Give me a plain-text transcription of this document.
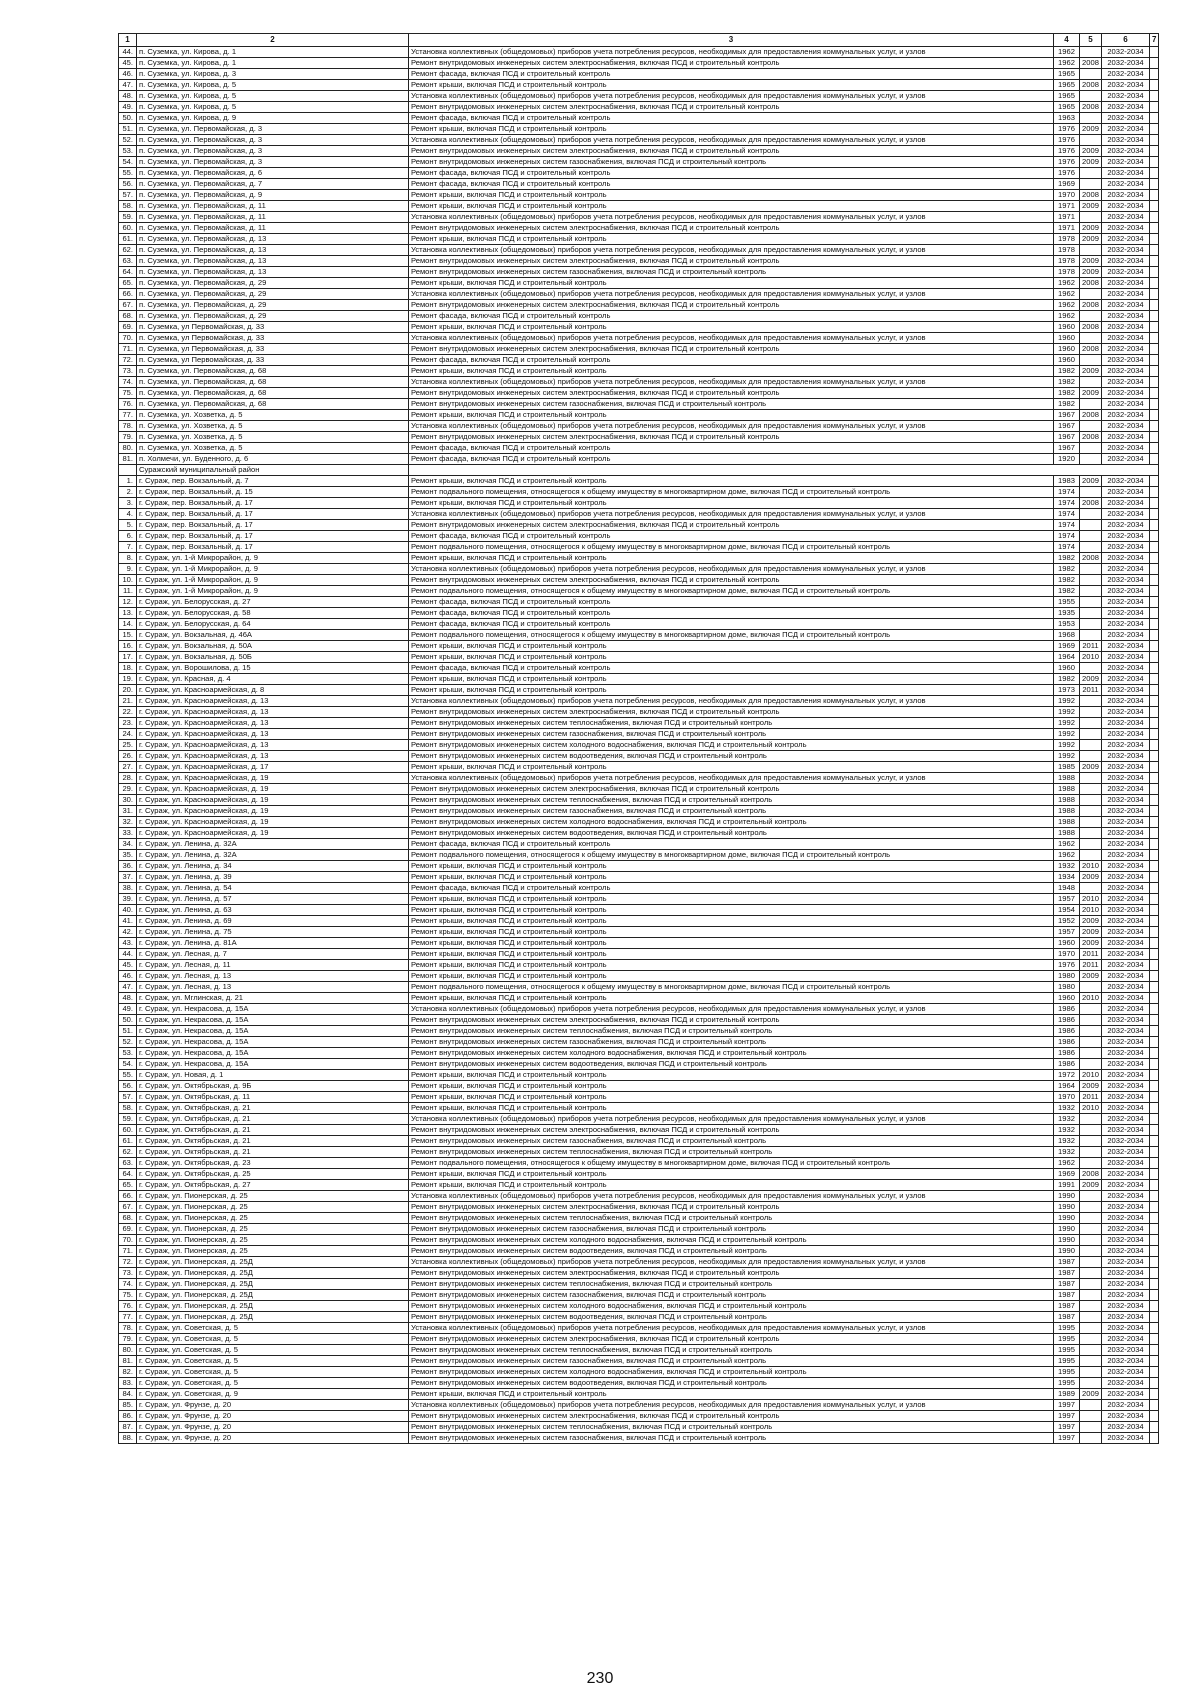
1	2	3	4	5	6	7
44.	п. Суземка, ул. Кирова, д. 1	Установка коллективных (общедомовых) приборов учета потребления ресурсов, необходимых для предоставления коммунальных услуг, и узлов	1962		2032-2034	
45.	п. Суземка, ул. Кирова, д. 1	Ремонт внутридомовых инженерных систем электроснабжения, включая ПСД и строительный контроль	1962	2008	2032-2034	
46.	п. Суземка, ул. Кирова, д. 3	Ремонт фасада, включая ПСД и строительный контроль	1965		2032-2034	
47.	п. Суземка, ул. Кирова, д. 5	Ремонт крыши, включая ПСД и строительный контроль	1965	2008	2032-2034	
48.	п. Суземка, ул. Кирова, д. 5	Установка коллективных (общедомовых) приборов учета потребления ресурсов, необходимых для предоставления коммунальных услуг, и узлов	1965		2032-2034	
49.	п. Суземка, ул. Кирова, д. 5	Ремонт внутридомовых инженерных систем электроснабжения, включая ПСД и строительный контроль	1965	2008	2032-2034	
50.	п. Суземка, ул. Кирова, д. 9	Ремонт фасада, включая ПСД и строительный контроль	1963		2032-2034	
51.	п. Суземка, ул. Первомайская, д. 3	Ремонт крыши, включая ПСД и строительный контроль	1976	2009	2032-2034	
52.	п. Суземка, ул. Первомайская, д. 3	Установка коллективных (общедомовых) приборов учета потребления ресурсов, необходимых для предоставления коммунальных услуг, и узлов	1976		2032-2034	
53.	п. Суземка, ул. Первомайская, д. 3	Ремонт внутридомовых инженерных систем электроснабжения, включая ПСД и строительный контроль	1976	2009	2032-2034	
54.	п. Суземка, ул. Первомайская, д. 3	Ремонт внутридомовых инженерных систем газоснабжения, включая ПСД и строительный контроль	1976	2009	2032-2034	
55.	п. Суземка, ул. Первомайская, д. 6	Ремонт фасада, включая ПСД и строительный контроль	1976		2032-2034	
56.	п. Суземка, ул. Первомайская, д. 7	Ремонт фасада, включая ПСД и строительный контроль	1969		2032-2034	
57.	п. Суземка, ул. Первомайская, д. 9	Ремонт крыши, включая ПСД и строительный контроль	1970	2008	2032-2034	
58.	п. Суземка, ул. Первомайская, д. 11	Ремонт крыши, включая ПСД и строительный контроль	1971	2009	2032-2034	
59.	п. Суземка, ул. Первомайская, д. 11	Установка коллективных (общедомовых) приборов учета потребления ресурсов, необходимых для предоставления коммунальных услуг, и узлов	1971		2032-2034	
60.	п. Суземка, ул. Первомайская, д. 11	Ремонт внутридомовых инженерных систем электроснабжения, включая ПСД и строительный контроль	1971	2009	2032-2034	
61.	п. Суземка, ул. Первомайская, д. 13	Ремонт крыши, включая ПСД и строительный контроль	1978	2009	2032-2034	
62.	п. Суземка, ул. Первомайская, д. 13	Установка коллективных (общедомовых) приборов учета потребления ресурсов, необходимых для предоставления коммунальных услуг, и узлов	1978		2032-2034	
63.	п. Суземка, ул. Первомайская, д. 13	Ремонт внутридомовых инженерных систем электроснабжения, включая ПСД и строительный контроль	1978	2009	2032-2034	
64.	п. Суземка, ул. Первомайская, д. 13	Ремонт внутридомовых инженерных систем газоснабжения, включая ПСД и строительный контроль	1978	2009	2032-2034	
65.	п. Суземка, ул. Первомайская, д. 29	Ремонт крыши, включая ПСД и строительный контроль	1962	2008	2032-2034	
66.	п. Суземка, ул. Первомайская, д. 29	Установка коллективных (общедомовых) приборов учета потребления ресурсов, необходимых для предоставления коммунальных услуг, и узлов	1962		2032-2034	
67.	п. Суземка, ул. Первомайская, д. 29	Ремонт внутридомовых инженерных систем электроснабжения, включая ПСД и строительный контроль	1962	2008	2032-2034	
68.	п. Суземка, ул. Первомайская, д. 29	Ремонт фасада, включая ПСД и строительный контроль	1962		2032-2034	
69.	п. Суземка, ул Первомайская, д. 33	Ремонт крыши, включая ПСД и строительный контроль	1960	2008	2032-2034	
70.	п. Суземка, ул Первомайская, д. 33	Установка коллективных (общедомовых) приборов учета потребления ресурсов, необходимых для предоставления коммунальных услуг, и узлов	1960		2032-2034	
71.	п. Суземка, ул Первомайская, д. 33	Ремонт внутридомовых инженерных систем электроснабжения, включая ПСД и строительный контроль	1960	2008	2032-2034	
72.	п. Суземка, ул Первомайская, д. 33	Ремонт фасада, включая ПСД и строительный контроль	1960		2032-2034	
73.	п. Суземка, ул. Первомайская, д. 68	Ремонт крыши, включая ПСД и строительный контроль	1982	2009	2032-2034	
74.	п. Суземка, ул. Первомайская, д. 68	Установка коллективных (общедомовых) приборов учета потребления ресурсов, необходимых для предоставления коммунальных услуг, и узлов	1982		2032-2034	
75.	п. Суземка, ул. Первомайская, д. 68	Ремонт внутридомовых инженерных систем электроснабжения, включая ПСД и строительный контроль	1982	2009	2032-2034	
76.	п. Суземка, ул. Первомайская, д. 68	Ремонт внутридомовых инженерных систем газоснабжения, включая ПСД и строительный контроль	1982		2032-2034	
77.	п. Суземка, ул. Хозветка, д. 5	Ремонт крыши, включая ПСД и строительный контроль	1967	2008	2032-2034	
78.	п. Суземка, ул. Хозветка, д. 5	Установка коллективных (общедомовых) приборов учета потребления ресурсов, необходимых для предоставления коммунальных услуг, и узлов	1967		2032-2034	
79.	п. Суземка, ул. Хозветка, д. 5	Ремонт внутридомовых инженерных систем электроснабжения, включая ПСД и строительный контроль	1967	2008	2032-2034	
80.	п. Суземка, ул. Хозветка, д. 5	Ремонт фасада, включая ПСД и строительный контроль	1967		2032-2034	
81.	п. Холмечи, ул. Буденного, д. 6	Ремонт фасада, включая ПСД и строительный контроль	1920		2032-2034	
	Суражский муниципальный район					
1.	г. Сураж, пер. Вокзальный, д. 7	Ремонт крыши, включая ПСД и строительный контроль	1983	2009	2032-2034	
2.	г. Сураж, пер. Вокзальный, д. 15	Ремонт подвального помещения, относящегося к общему имуществу в многоквартирном доме, включая ПСД и строительный контроль	1974		2032-2034	
3.	г. Сураж, пер. Вокзальный, д. 17	Ремонт крыши, включая ПСД и строительный контроль	1974	2008	2032-2034	
4.	г. Сураж, пер. Вокзальный, д. 17	Установка коллективных (общедомовых) приборов учета потребления ресурсов, необходимых для предоставления коммунальных услуг, и узлов	1974		2032-2034	
5.	г. Сураж, пер. Вокзальный, д. 17	Ремонт внутридомовых инженерных систем электроснабжения, включая ПСД и строительный контроль	1974		2032-2034	
6.	г. Сураж, пер. Вокзальный, д. 17	Ремонт фасада, включая ПСД и строительный контроль	1974		2032-2034	
7.	г. Сураж, пер. Вокзальный, д. 17	Ремонт подвального помещения, относящегося к общему имуществу в многоквартирном доме, включая ПСД и строительный контроль	1974		2032-2034	
8.	г. Сураж, ул. 1-й Микрорайон, д. 9	Ремонт крыши, включая ПСД и строительный контроль	1982	2008	2032-2034	
9.	г. Сураж, ул. 1-й Микрорайон, д. 9	Установка коллективных (общедомовых) приборов учета потребления ресурсов, необходимых для предоставления коммунальных услуг, и узлов	1982		2032-2034	
10.	г. Сураж, ул. 1-й Микрорайон, д. 9	Ремонт внутридомовых инженерных систем электроснабжения, включая ПСД и строительный контроль	1982		2032-2034	
11.	г. Сураж, ул. 1-й Микрорайон, д. 9	Ремонт подвального помещения, относящегося к общему имуществу в многоквартирном доме, включая ПСД и строительный контроль	1982		2032-2034	
12.	г. Сураж, ул. Белорусская, д. 27	Ремонт фасада, включая ПСД и строительный контроль	1955		2032-2034	
13.	г. Сураж, ул. Белорусская, д. 58	Ремонт фасада, включая ПСД и строительный контроль	1935		2032-2034	
14.	г. Сураж, ул. Белорусская, д. 64	Ремонт фасада, включая ПСД и строительный контроль	1953		2032-2034	
15.	г. Сураж, ул. Вокзальная, д. 46А	Ремонт подвального помещения, относящегося к общему имуществу в многоквартирном доме, включая ПСД и строительный контроль	1968		2032-2034	
16.	г. Сураж, ул. Вокзальная, д. 50А	Ремонт крыши, включая ПСД и строительный контроль	1969	2011	2032-2034	
17.	г. Сураж, ул. Вокзальная, д. 50Б	Ремонт крыши, включая ПСД и строительный контроль	1964	2010	2032-2034	
18.	г. Сураж, ул. Ворошилова, д. 15	Ремонт фасада, включая ПСД и строительный контроль	1960		2032-2034	
19.	г. Сураж, ул. Красная, д. 4	Ремонт крыши, включая ПСД и строительный контроль	1982	2009	2032-2034	
20.	г. Сураж, ул. Красноармейская, д. 8	Ремонт крыши, включая ПСД и строительный контроль	1973	2011	2032-2034	
21.	г. Сураж, ул. Красноармейская, д. 13	Установка коллективных (общедомовых) приборов учета потребления ресурсов, необходимых для предоставления коммунальных услуг, и узлов	1992		2032-2034	
22.	г. Сураж, ул. Красноармейская, д. 13	Ремонт внутридомовых инженерных систем электроснабжения, включая ПСД и строительный контроль	1992		2032-2034	
23.	г. Сураж, ул. Красноармейская, д. 13	Ремонт внутридомовых инженерных систем теплоснабжения, включая ПСД и строительный контроль	1992		2032-2034	
24.	г. Сураж, ул. Красноармейская, д. 13	Ремонт внутридомовых инженерных систем газоснабжения, включая ПСД и строительный контроль	1992		2032-2034	
25.	г. Сураж, ул. Красноармейская, д. 13	Ремонт внутридомовых инженерных систем холодного водоснабжения, включая ПСД и строительный контроль	1992		2032-2034	
26.	г. Сураж, ул. Красноармейская, д. 13	Ремонт внутридомовых инженерных систем водоотведения, включая ПСД и строительный контроль	1992		2032-2034	
27.	г. Сураж, ул. Красноармейская, д. 17	Ремонт крыши, включая ПСД и строительный контроль	1985	2009	2032-2034	
28.	г. Сураж, ул. Красноармейская, д. 19	Установка коллективных (общедомовых) приборов учета потребления ресурсов, необходимых для предоставления коммунальных услуг, и узлов	1988		2032-2034	
29.	г. Сураж, ул. Красноармейская, д. 19	Ремонт внутридомовых инженерных систем электроснабжения, включая ПСД и строительный контроль	1988		2032-2034	
30.	г. Сураж, ул. Красноармейская, д. 19	Ремонт внутридомовых инженерных систем теплоснабжения, включая ПСД и строительный контроль	1988		2032-2034	
31.	г. Сураж, ул. Красноармейская, д. 19	Ремонт внутридомовых инженерных систем газоснабжения, включая ПСД и строительный контроль	1988		2032-2034	
32.	г. Сураж, ул. Красноармейская, д. 19	Ремонт внутридомовых инженерных систем холодного водоснабжения, включая ПСД и строительный контроль	1988		2032-2034	
33.	г. Сураж, ул. Красноармейская, д. 19	Ремонт внутридомовых инженерных систем водоотведения, включая ПСД и строительный контроль	1988		2032-2034	
34.	г. Сураж, ул. Ленина, д. 32А	Ремонт фасада, включая ПСД и строительный контроль	1962		2032-2034	
35.	г. Сураж, ул. Ленина, д. 32А	Ремонт подвального помещения, относящегося к общему имуществу в многоквартирном доме, включая ПСД и строительный контроль	1962		2032-2034	
36.	г. Сураж, ул. Ленина, д. 34	Ремонт крыши, включая ПСД и строительный контроль	1932	2010	2032-2034	
37.	г. Сураж, ул. Ленина, д. 39	Ремонт крыши, включая ПСД и строительный контроль	1934	2009	2032-2034	
38.	г. Сураж, ул. Ленина, д. 54	Ремонт фасада, включая ПСД и строительный контроль	1948		2032-2034	
39.	г. Сураж, ул. Ленина, д. 57	Ремонт крыши, включая ПСД и строительный контроль	1957	2010	2032-2034	
40.	г. Сураж, ул. Ленина, д. 63	Ремонт крыши, включая ПСД и строительный контроль	1954	2010	2032-2034	
41.	г. Сураж, ул. Ленина, д. 69	Ремонт крыши, включая ПСД и строительный контроль	1952	2009	2032-2034	
42.	г. Сураж, ул. Ленина, д. 75	Ремонт крыши, включая ПСД и строительный контроль	1957	2009	2032-2034	
43.	г. Сураж, ул. Ленина, д. 81А	Ремонт крыши, включая ПСД и строительный контроль	1960	2009	2032-2034	
44.	г. Сураж, ул. Лесная, д. 7	Ремонт крыши, включая ПСД и строительный контроль	1970	2011	2032-2034	
45.	г. Сураж, ул. Лесная, д. 11	Ремонт крыши, включая ПСД и строительный контроль	1976	2011	2032-2034	
46.	г. Сураж, ул. Лесная, д. 13	Ремонт крыши, включая ПСД и строительный контроль	1980	2009	2032-2034	
47.	г. Сураж, ул. Лесная, д. 13	Ремонт подвального помещения, относящегося к общему имуществу в многоквартирном доме, включая ПСД и строительный контроль	1980		2032-2034	
48.	г. Сураж, ул. Мглинская, д. 21	Ремонт крыши, включая ПСД и строительный контроль	1960	2010	2032-2034	
49.	г. Сураж, ул. Некрасова, д. 15А	Установка коллективных (общедомовых) приборов учета потребления ресурсов, необходимых для предоставления коммунальных услуг, и узлов	1986		2032-2034	
50.	г. Сураж, ул. Некрасова, д. 15А	Ремонт внутридомовых инженерных систем электроснабжения, включая ПСД и строительный контроль	1986		2032-2034	
51.	г. Сураж, ул. Некрасова, д. 15А	Ремонт внутридомовых инженерных систем теплоснабжения, включая ПСД и строительный контроль	1986		2032-2034	
52.	г. Сураж, ул. Некрасова, д. 15А	Ремонт внутридомовых инженерных систем газоснабжения, включая ПСД и строительный контроль	1986		2032-2034	
53.	г. Сураж, ул. Некрасова, д. 15А	Ремонт внутридомовых инженерных систем холодного водоснабжения, включая ПСД и строительный контроль	1986		2032-2034	
54.	г. Сураж, ул. Некрасова, д. 15А	Ремонт внутридомовых инженерных систем водоотведения, включая ПСД и строительный контроль	1986		2032-2034	
55.	г. Сураж, ул. Новая, д. 1	Ремонт крыши, включая ПСД и строительный контроль	1972	2010	2032-2034	
56.	г. Сураж, ул. Октябрьская, д. 9Б	Ремонт крыши, включая ПСД и строительный контроль	1964	2009	2032-2034	
57.	г. Сураж, ул. Октябрьская, д. 11	Ремонт крыши, включая ПСД и строительный контроль	1970	2011	2032-2034	
58.	г. Сураж, ул. Октябрьская, д. 21	Ремонт крыши, включая ПСД и строительный контроль	1932	2010	2032-2034	
59.	г. Сураж, ул. Октябрьская, д. 21	Установка коллективных (общедомовых) приборов учета потребления ресурсов, необходимых для предоставления коммунальных услуг, и узлов	1932		2032-2034	
60.	г. Сураж, ул. Октябрьская, д. 21	Ремонт внутридомовых инженерных систем электроснабжения, включая ПСД и строительный контроль	1932		2032-2034	
61.	г. Сураж, ул. Октябрьская, д. 21	Ремонт внутридомовых инженерных систем газоснабжения, включая ПСД и строительный контроль	1932		2032-2034	
62.	г. Сураж, ул. Октябрьская, д. 21	Ремонт внутридомовых инженерных систем теплоснабжения, включая ПСД и строительный контроль	1932		2032-2034	
63.	г. Сураж, ул. Октябрьская, д. 23	Ремонт подвального помещения, относящегося к общему имуществу в многоквартирном доме, включая ПСД и строительный контроль	1962		2032-2034	
64.	г. Сураж, ул. Октябрьская, д. 25	Ремонт крыши, включая ПСД и строительный контроль	1969	2008	2032-2034	
65.	г. Сураж, ул. Октябрьская, д. 27	Ремонт крыши, включая ПСД и строительный контроль	1991	2009	2032-2034	
66.	г. Сураж, ул. Пионерская, д. 25	Установка коллективных (общедомовых) приборов учета потребления ресурсов, необходимых для предоставления коммунальных услуг, и узлов	1990		2032-2034	
67.	г. Сураж, ул. Пионерская, д. 25	Ремонт внутридомовых инженерных систем электроснабжения, включая ПСД и строительный контроль	1990		2032-2034	
68.	г. Сураж, ул. Пионерская, д. 25	Ремонт внутридомовых инженерных систем теплоснабжения, включая ПСД и строительный контроль	1990		2032-2034	
69.	г. Сураж, ул. Пионерская, д. 25	Ремонт внутридомовых инженерных систем газоснабжения, включая ПСД и строительный контроль	1990		2032-2034	
70.	г. Сураж, ул. Пионерская, д. 25	Ремонт внутридомовых инженерных систем холодного водоснабжения, включая ПСД и строительный контроль	1990		2032-2034	
71.	г. Сураж, ул. Пионерская, д. 25	Ремонт внутридомовых инженерных систем водоотведения, включая ПСД и строительный контроль	1990		2032-2034	
72.	г. Сураж, ул. Пионерская, д. 25Д	Установка коллективных (общедомовых) приборов учета потребления ресурсов, необходимых для предоставления коммунальных услуг, и узлов	1987		2032-2034	
73.	г. Сураж, ул. Пионерская, д. 25Д	Ремонт внутридомовых инженерных систем электроснабжения, включая ПСД и строительный контроль	1987		2032-2034	
74.	г. Сураж, ул. Пионерская, д. 25Д	Ремонт внутридомовых инженерных систем теплоснабжения, включая ПСД и строительный контроль	1987		2032-2034	
75.	г. Сураж, ул. Пионерская, д. 25Д	Ремонт внутридомовых инженерных систем газоснабжения, включая ПСД и строительный контроль	1987		2032-2034	
76.	г. Сураж, ул. Пионерская, д. 25Д	Ремонт внутридомовых инженерных систем холодного водоснабжения, включая ПСД и строительный контроль	1987		2032-2034	
77.	г. Сураж, ул. Пионерская, д. 25Д	Ремонт внутридомовых инженерных систем водоотведения, включая ПСД и строительный контроль	1987		2032-2034	
78.	г. Сураж, ул. Советская, д. 5	Установка коллективных (общедомовых) приборов учета потребления ресурсов, необходимых для предоставления коммунальных услуг, и узлов	1995		2032-2034	
79.	г. Сураж, ул. Советская, д. 5	Ремонт внутридомовых инженерных систем электроснабжения, включая ПСД и строительный контроль	1995		2032-2034	
80.	г. Сураж, ул. Советская, д. 5	Ремонт внутридомовых инженерных систем теплоснабжения, включая ПСД и строительный контроль	1995		2032-2034	
81.	г. Сураж, ул. Советская, д. 5	Ремонт внутридомовых инженерных систем газоснабжения, включая ПСД и строительный контроль	1995		2032-2034	
82.	г. Сураж, ул. Советская, д. 5	Ремонт внутридомовых инженерных систем холодного водоснабжения, включая ПСД и строительный контроль	1995		2032-2034	
83.	г. Сураж, ул. Советская, д. 5	Ремонт внутридомовых инженерных систем водоотведения, включая ПСД и строительный контроль	1995		2032-2034	
84.	г. Сураж, ул. Советская, д. 9	Ремонт крыши, включая ПСД и строительный контроль	1989	2009	2032-2034	
85.	г. Сураж, ул. Фрунзе, д. 20	Установка коллективных (общедомовых) приборов учета потребления ресурсов, необходимых для предоставления коммунальных услуг, и узлов	1997		2032-2034	
86.	г. Сураж, ул. Фрунзе, д. 20	Ремонт внутридомовых инженерных систем электроснабжения, включая ПСД и строительный контроль	1997		2032-2034	
87.	г. Сураж, ул. Фрунзе, д. 20	Ремонт внутридомовых инженерных систем теплоснабжения, включая ПСД и строительный контроль	1997		2032-2034	
88.	г. Сураж, ул. Фрунзе, д. 20	Ремонт внутридомовых инженерных систем газоснабжения, включая ПСД и строительный контроль	1997		2032-2034	
230
